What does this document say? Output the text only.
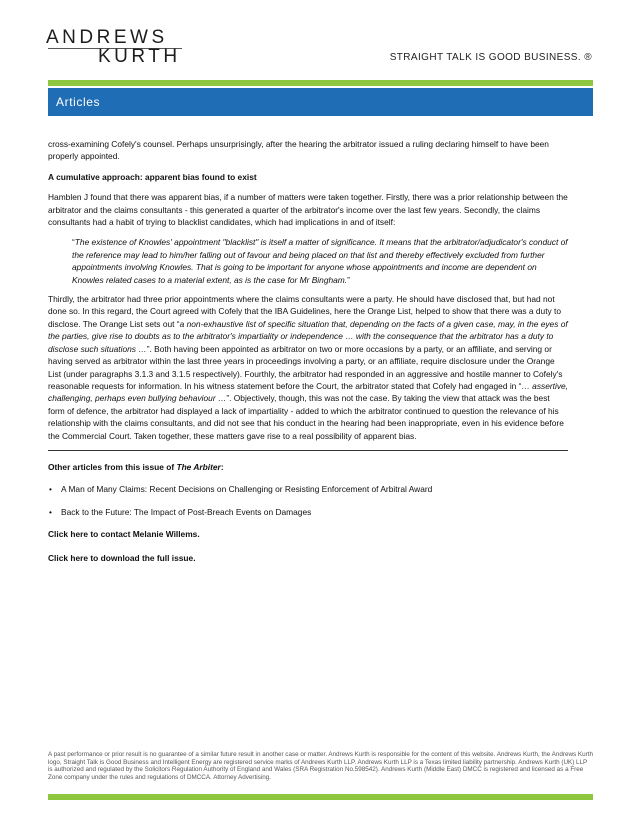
ANDREWS
KURTH	STRAIGHT TALK IS GOOD BUSINESS. ®
Articles

cross-examining Cofely's counsel. Perhaps unsurprisingly, after the hearing the arbitrator issued a ruling declaring himself to have been properly appointed.

A cumulative approach: apparent bias found to exist

Hamblen J found that there was apparent bias, if a number of matters were taken together. Firstly, there was a prior relationship between the arbitrator and the claims consultants - this generated a quarter of the arbitrator's income over the last few years. Secondly, the claims consultants had a habit of trying to blacklist candidates, which had implications in and of itself:

“The existence of Knowles' appointment "blacklist" is itself a matter of significance. It means that the arbitrator/adjudicator's conduct of the reference may lead to him/her falling out of favour and being placed on that list and thereby effectively excluded from further appointments involving Knowles. That is going to be important for anyone whose appointments and income are dependent on Knowles related cases to a material extent, as is the case for Mr Bingham.”

Thirdly, the arbitrator had three prior appointments where the claims consultants were a party. He should have disclosed that, but had not done so. In this regard, the Court agreed with Cofely that the IBA Guidelines, here the Orange List, helped to show that there was a duty to disclose. The Orange List sets out “a non-exhaustive list of specific situation that, depending on the facts of a given case, may, in the eyes of the parties, give rise to doubts as to the arbitrator's impartiality or independence … with the consequence that the arbitrator has a duty to disclose such situations …”. Both having been appointed as arbitrator on two or more occasions by a party, or an affiliate, and serving or having served as arbitrator within the last three years in proceedings involving a party, or an affiliate, require disclosure under the Orange List (under paragraphs 3.1.3 and 3.1.5 respectively). Fourthly, the arbitrator had responded in an aggressive and hostile manner to Cofely's reasonable requests for information. In his witness statement before the Court, the arbitrator stated that Cofely had engaged in “… assertive, challenging, perhaps even bullying behaviour …”. Objectively, though, this was not the case. By taking the view that attack was the best form of defence, the arbitrator had displayed a lack of impartiality - added to which the arbitrator continued to question the relevance of his relationship with the claims consultants, and did not see that his conduct in the hearing had been inappropriate, even in his evidence before the Commercial Court. Taken together, these matters gave rise to a real possibility of apparent bias.

Other articles from this issue of The Arbiter:

• A Man of Many Claims: Recent Decisions on Challenging or Resisting Enforcement of Arbitral Award
• Back to the Future: The Impact of Post-Breach Events on Damages

Click here to contact Melanie Willems.

Click here to download the full issue.

A past performance or prior result is no guarantee of a similar future result in another case or matter. Andrews Kurth is responsible for the content of this website. Andrews Kurth, the Andrews Kurth logo, Straight Talk is Good Business and Intelligent Energy are registered service marks of Andrews Kurth LLP. Andrews Kurth LLP is a Texas limited liability partnership. Andrews Kurth (UK) LLP is authorized and regulated by the Solicitors Regulation Authority of England and Wales (SRA Registration No.598542). Andrews Kurth (Middle East) DMCC is registered and licensed as a Free Zone company under the rules and regulations of DMCCA. Attorney Advertising.
